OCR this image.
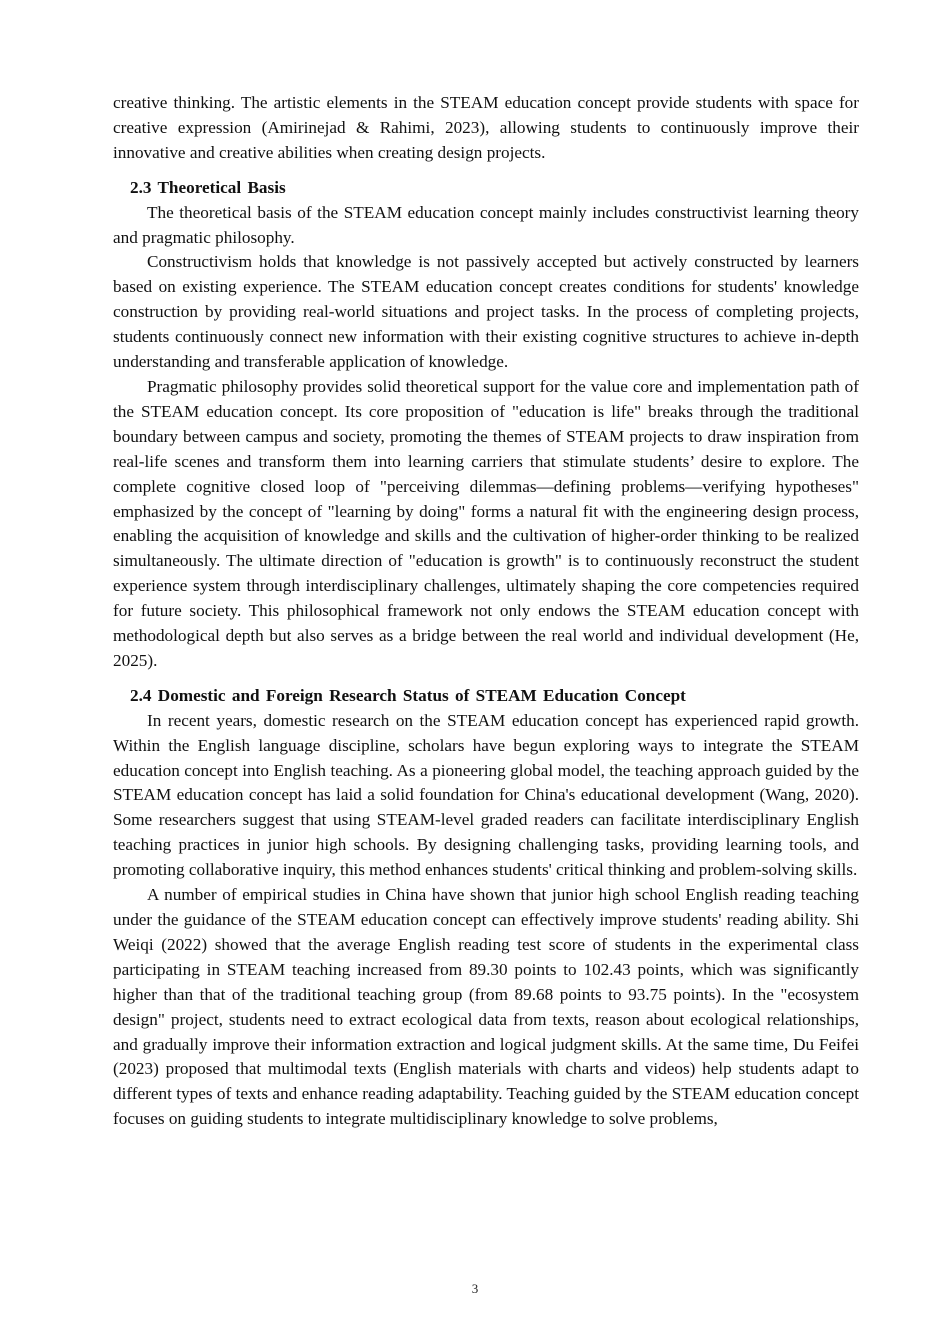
creative thinking. The artistic elements in the STEAM education concept provide students with space for creative expression (Amirinejad & Rahimi, 2023), allowing students to continuously improve their innovative and creative abilities when creating design projects.

2.3 Theoretical Basis

The theoretical basis of the STEAM education concept mainly includes constructivist learning theory and pragmatic philosophy.

Constructivism holds that knowledge is not passively accepted but actively constructed by learners based on existing experience. The STEAM education concept creates conditions for students' knowledge construction by providing real-world situations and project tasks. In the process of completing projects, students continuously connect new information with their existing cognitive structures to achieve in-depth understanding and transferable application of knowledge.

Pragmatic philosophy provides solid theoretical support for the value core and implementation path of the STEAM education concept. Its core proposition of "education is life" breaks through the traditional boundary between campus and society, promoting the themes of STEAM projects to draw inspiration from real-life scenes and transform them into learning carriers that stimulate students’ desire to explore. The complete cognitive closed loop of "perceiving dilemmas—defining problems—verifying hypotheses" emphasized by the concept of "learning by doing" forms a natural fit with the engineering design process, enabling the acquisition of knowledge and skills and the cultivation of higher-order thinking to be realized simultaneously. The ultimate direction of "education is growth" is to continuously reconstruct the student experience system through interdisciplinary challenges, ultimately shaping the core competencies required for future society. This philosophical framework not only endows the STEAM education concept with methodological depth but also serves as a bridge between the real world and individual development (He, 2025).

2.4 Domestic and Foreign Research Status of STEAM Education Concept

In recent years, domestic research on the STEAM education concept has experienced rapid growth. Within the English language discipline, scholars have begun exploring ways to integrate the STEAM education concept into English teaching. As a pioneering global model, the teaching approach guided by the STEAM education concept has laid a solid foundation for China's educational development (Wang, 2020). Some researchers suggest that using STEAM-level graded readers can facilitate interdisciplinary English teaching practices in junior high schools. By designing challenging tasks, providing learning tools, and promoting collaborative inquiry, this method enhances students' critical thinking and problem-solving skills.

A number of empirical studies in China have shown that junior high school English reading teaching under the guidance of the STEAM education concept can effectively improve students' reading ability. Shi Weiqi (2022) showed that the average English reading test score of students in the experimental class participating in STEAM teaching increased from 89.30 points to 102.43 points, which was significantly higher than that of the traditional teaching group (from 89.68 points to 93.75 points). In the "ecosystem design" project, students need to extract ecological data from texts, reason about ecological relationships, and gradually improve their information extraction and logical judgment skills. At the same time, Du Feifei (2023) proposed that multimodal texts (English materials with charts and videos) help students adapt to different types of texts and enhance reading adaptability. Teaching guided by the STEAM education concept focuses on guiding students to integrate multidisciplinary knowledge to solve problems,

3
